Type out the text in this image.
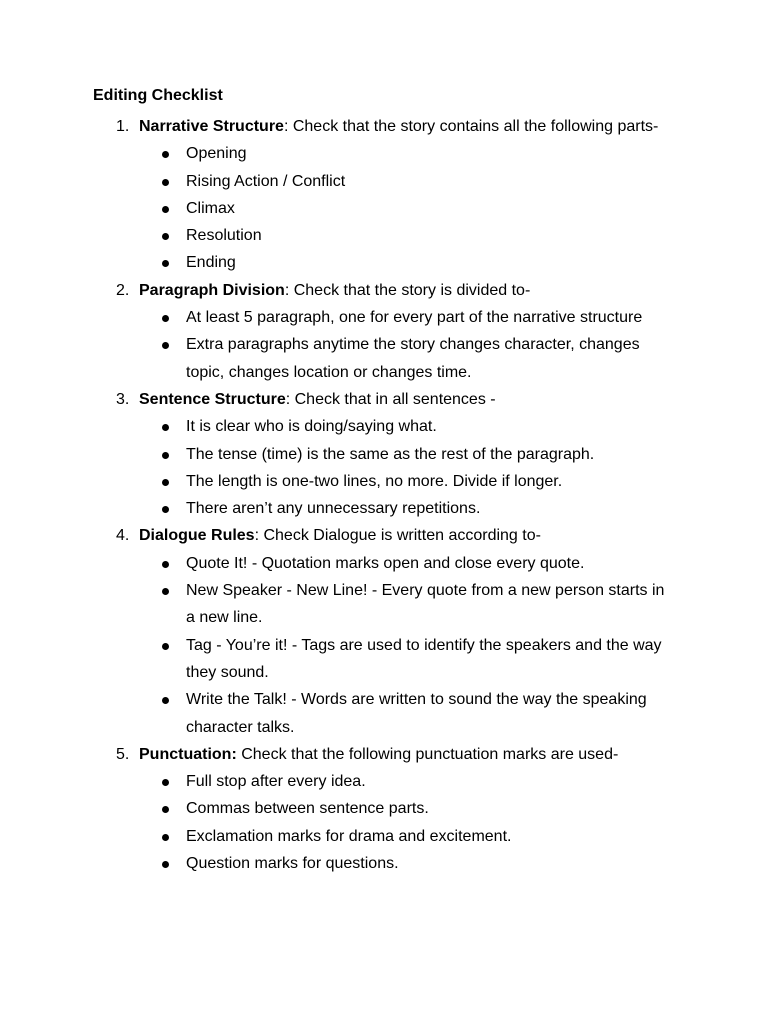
Editing Checklist
1. Narrative Structure: Check that the story contains all the following parts-
Opening
Rising Action / Conflict
Climax
Resolution
Ending
2. Paragraph Division: Check that the story is divided to-
At least 5 paragraph, one for every part of the narrative structure
Extra paragraphs anytime the story changes character, changes topic, changes location or changes time.
3. Sentence Structure: Check that in all sentences -
It is clear who is doing/saying what.
The tense (time) is the same as the rest of the paragraph.
The length is one-two lines, no more. Divide if longer.
There aren’t any unnecessary repetitions.
4. Dialogue Rules: Check Dialogue is written according to-
Quote It! - Quotation marks open and close every quote.
New Speaker - New Line! - Every quote from a new person starts in a new line.
Tag - You’re it! - Tags are used to identify the speakers and the way they sound.
Write the Talk! - Words are written to sound the way the speaking character talks.
5. Punctuation: Check that the following punctuation marks are used-
Full stop after every idea.
Commas between sentence parts.
Exclamation marks for drama and excitement.
Question marks for questions.
